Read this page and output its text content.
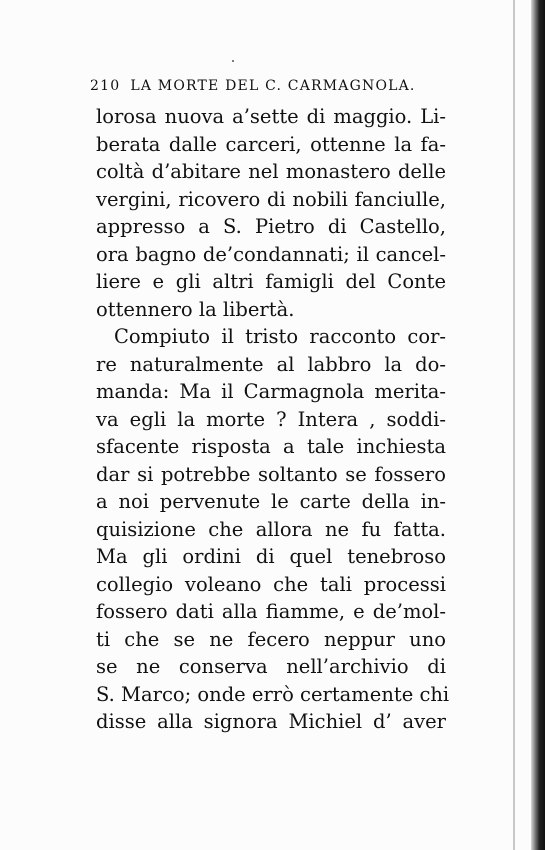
210 LA MORTE DEL C. CARMAGNOLA.
lorosa nuova a’sette di maggio. Li-
berata dalle carceri, ottenne la fa-
coltà d’abitare nel monastero delle
vergini, ricovero di nobili fanciulle,
appresso a S. Pietro di Castello,
ora bagno de’condannati; il cancel-
liere e gli altri famigli del Conte
ottennero la libertà.
Compiuto il tristo racconto cor-
re naturalmente al labbro la do-
manda: Ma il Carmagnola merita-
va egli la morte ? Intera , soddi-
sfacente risposta a tale inchiesta
dar si potrebbe soltanto se fossero
a noi pervenute le carte della in-
quisizione che allora ne fu fatta.
Ma gli ordini di quel tenebroso
collegio voleano che tali processi
fossero dati alla fiamme, e de’mol-
ti che se ne fecero neppur uno
se ne conserva nell’archivio di
S. Marco; onde errò certamente chi
disse alla signora Michiel d’ aver
